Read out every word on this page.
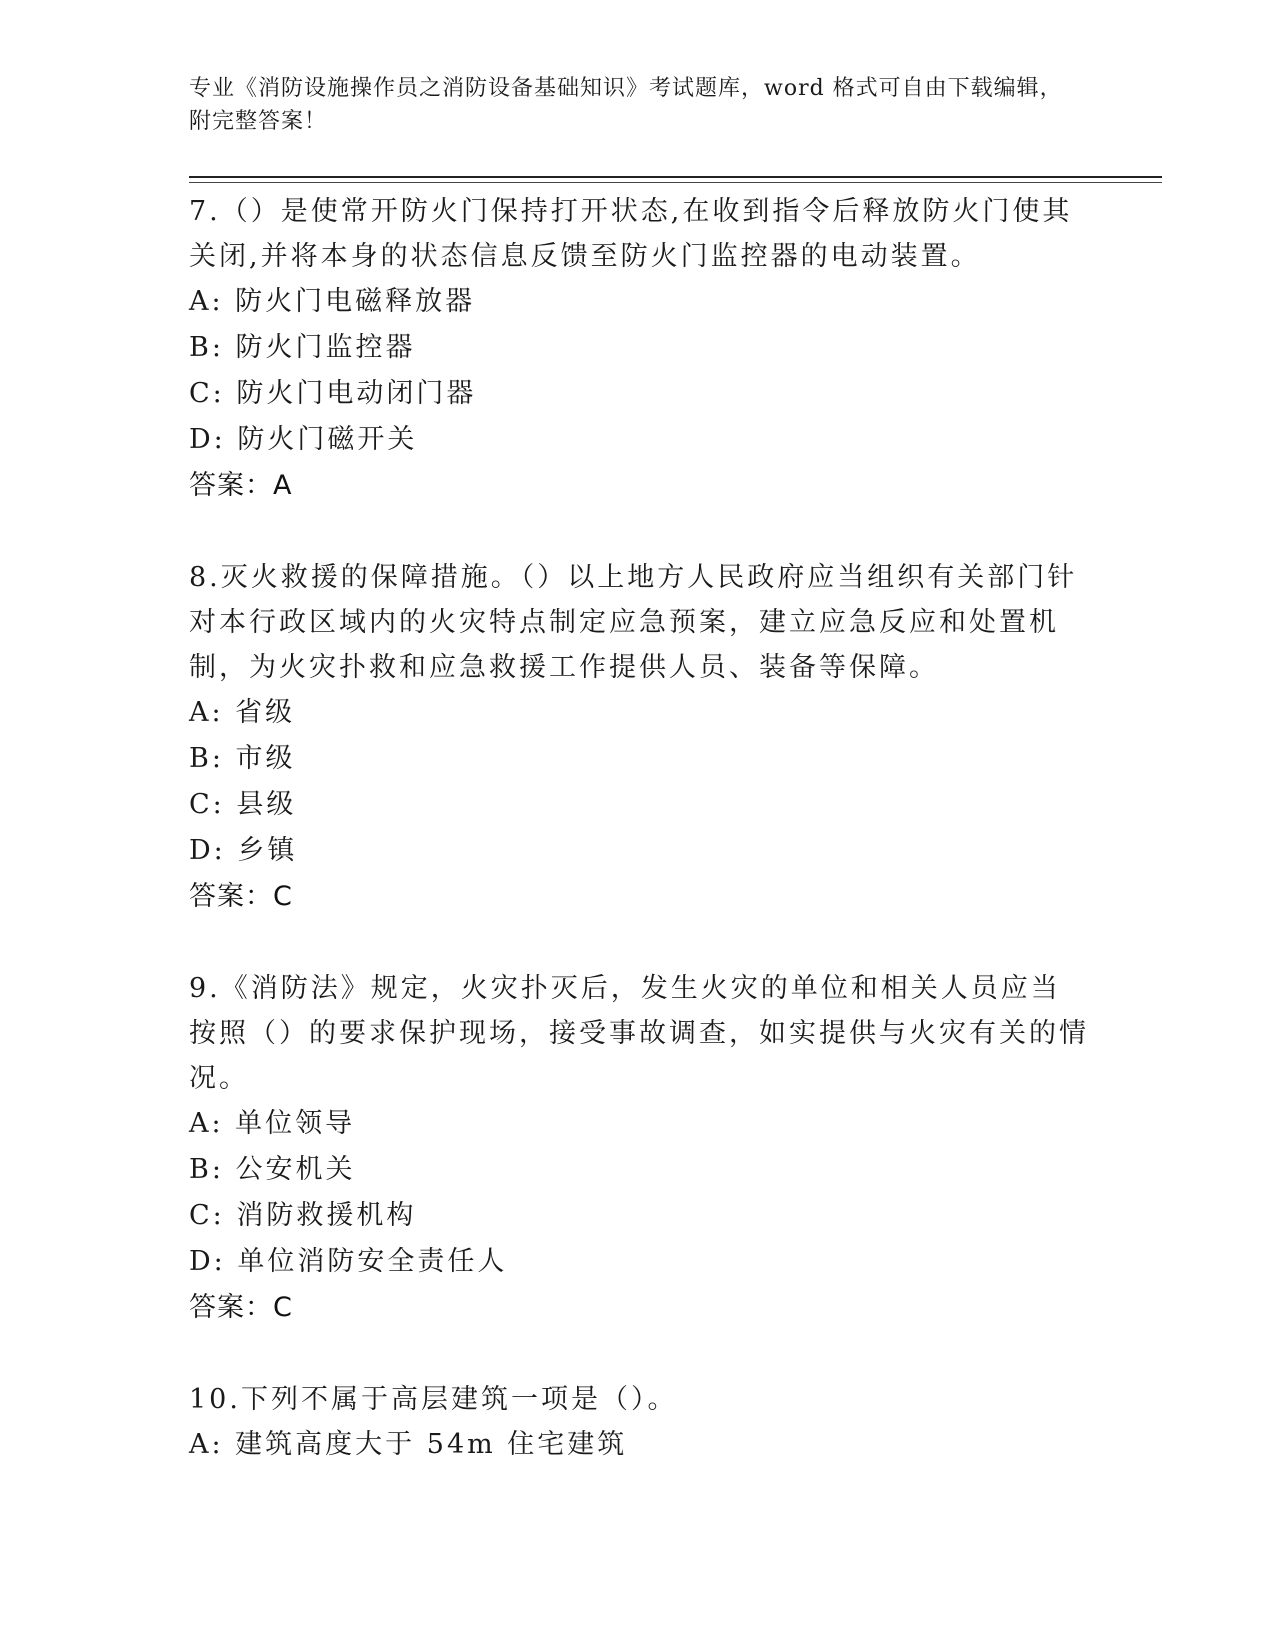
专业《消防设施操作员之消防设备基础知识》考试题库，word 格式可自由下载编辑，附完整答案！
7.（）是使常开防火门保持打开状态,在收到指令后释放防火门使其关闭,并将本身的状态信息反馈至防火门监控器的电动装置。
A: 防火门电磁释放器
B: 防火门监控器
C: 防火门电动闭门器
D: 防火门磁开关
答案：A
8.灭火救援的保障措施。（）以上地方人民政府应当组织有关部门针对本行政区域内的火灾特点制定应急预案，建立应急反应和处置机制，为火灾扑救和应急救援工作提供人员、装备等保障。
A: 省级
B: 市级
C: 县级
D: 乡镇
答案：C
9.《消防法》规定，火灾扑灭后，发生火灾的单位和相关人员应当按照（）的要求保护现场，接受事故调查，如实提供与火灾有关的情况。
A: 单位领导
B: 公安机关
C: 消防救援机构
D: 单位消防安全责任人
答案：C
10.下列不属于高层建筑一项是（）。
A: 建筑高度大于 54m 住宅建筑
